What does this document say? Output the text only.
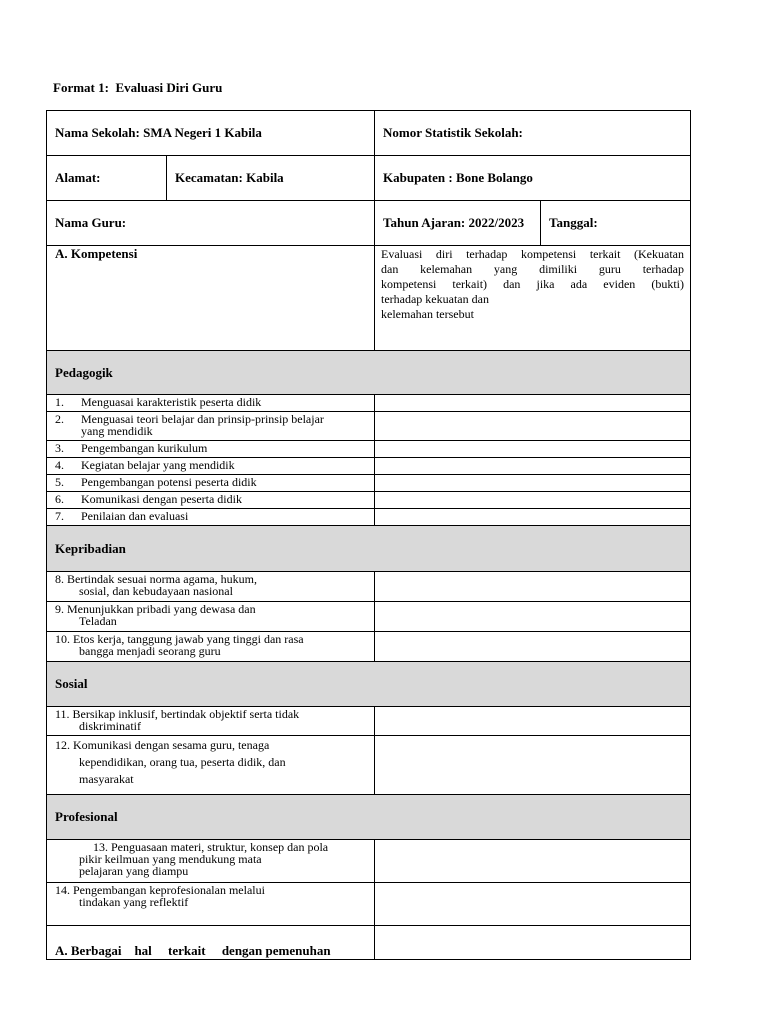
Format 1:  Evaluasi Diri Guru
Nama Sekolah: SMA Negeri 1 Kabila	Nomor Statistik Sekolah:
Alamat:	Kecamatan: Kabila	Kabupaten : Bone Bolango
Nama Guru:	Tahun Ajaran: 2022/2023	Tanggal:
A. Kompetensi	Evaluasi diri terhadap kompetensi terkait (Kekuatan
dan kelemahan yang dimiliki guru terhadap
kompetensi terkait) dan jika ada eviden (bukti)
terhadap kekuatan dan
kelemahan tersebut
Pedagogik
1. Menguasai karakteristik peserta didik
2. Menguasai teori belajar dan prinsip-prinsip belajar
yang mendidik
3. Pengembangan kurikulum
4. Kegiatan belajar yang mendidik
5. Pengembangan potensi peserta didik
6. Komunikasi dengan peserta didik
7. Penilaian dan evaluasi
Kepribadian
8. Bertindak sesuai norma agama, hukum,
sosial, dan kebudayaan nasional
9. Menunjukkan pribadi yang dewasa dan
Teladan
10. Etos kerja, tanggung jawab yang tinggi dan rasa
bangga menjadi seorang guru
Sosial
11. Bersikap inklusif, bertindak objektif serta tidak
diskriminatif
12. Komunikasi dengan sesama guru, tenaga
kependidikan, orang tua, peserta didik, dan
masyarakat
Profesional
13. Penguasaan materi, struktur, konsep dan pola
pikir keilmuan yang mendukung mata
pelajaran yang diampu
14. Pengembangan keprofesionalan melalui
tindakan yang reflektif
A. Berbagai    hal     terkait     dengan pemenuhan
